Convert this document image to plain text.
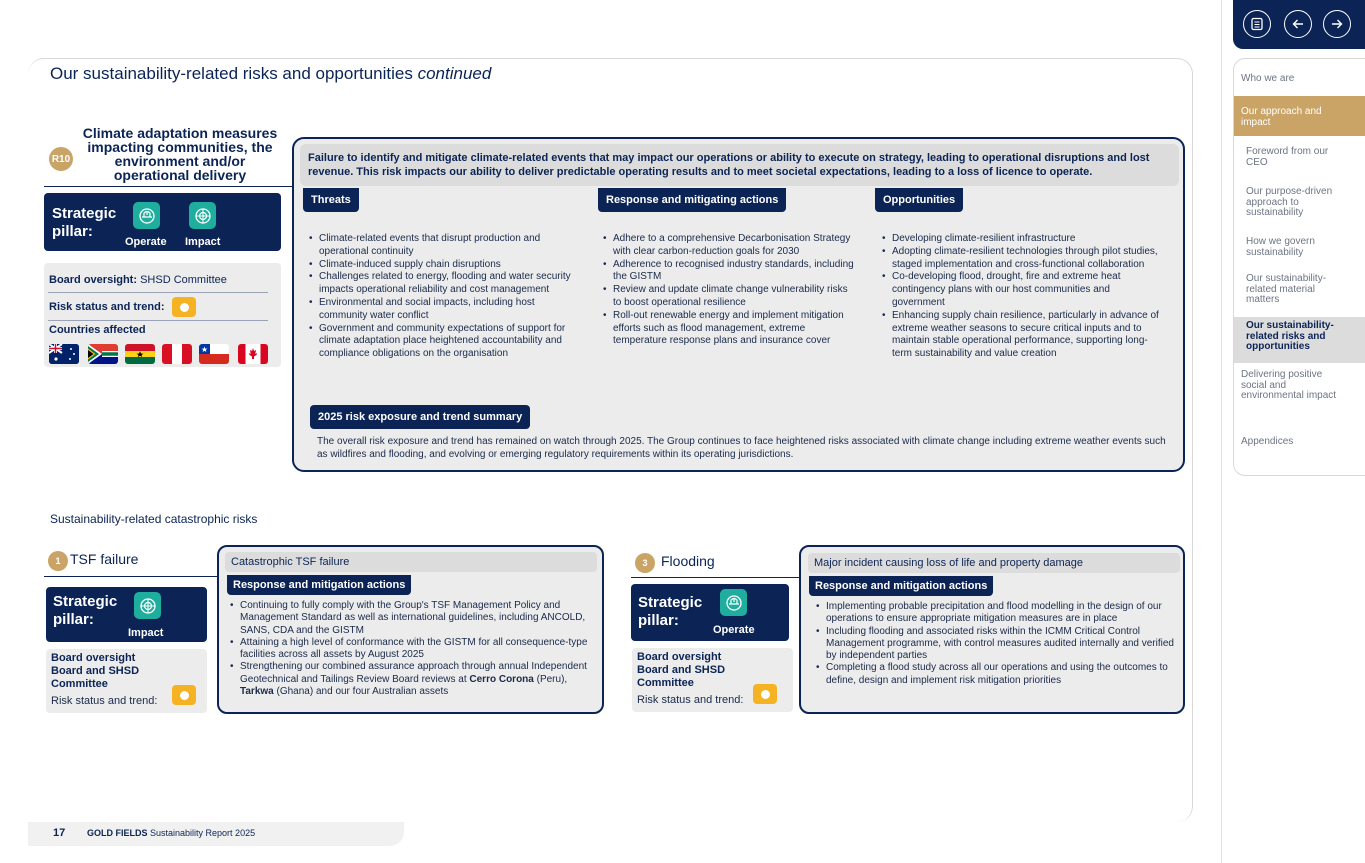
Our sustainability-related risks and opportunities continued
R10
Climate adaptation measures
impacting communities, the
environment and/or
operational delivery
Strategic
pillar:
Operate Impact
Board oversight: SHSD Committee
Risk status and trend:
Countries affected
Failure to identify and mitigate climate-related events that may impact our operations or ability to execute on strategy, leading to operational disruptions and lost revenue. This risk impacts our ability to deliver predictable operating results and to meet societal expectations, leading to a loss of licence to operate.
Threats	Response and mitigating actions	Opportunities
• Climate-related events that disrupt production and operational continuity
• Climate-induced supply chain disruptions
• Challenges related to energy, flooding and water security impacts operational reliability and cost management
• Environmental and social impacts, including host community water conflict
• Government and community expectations of support for climate adaptation place heightened accountability and compliance obligations on the organisation
• Adhere to a comprehensive Decarbonisation Strategy with clear carbon-reduction goals for 2030
• Adherence to recognised industry standards, including the GISTM
• Review and update climate change vulnerability risks to boost operational resilience
• Roll-out renewable energy and implement mitigation efforts such as flood management, extreme temperature response plans and insurance cover
• Developing climate-resilient infrastructure
• Adopting climate-resilient technologies through pilot studies, staged implementation and cross-functional collaboration
• Co-developing flood, drought, fire and extreme heat contingency plans with our host communities and government
• Enhancing supply chain resilience, particularly in advance of extreme weather seasons to secure critical inputs and to maintain stable operational performance, supporting long-term sustainability and value creation
2025 risk exposure and trend summary
The overall risk exposure and trend has remained on watch through 2025. The Group continues to face heightened risks associated with climate change including extreme weather events such as wildfires and flooding, and evolving or emerging regulatory requirements within its operating jurisdictions.
Sustainability-related catastrophic risks
1 TSF failure
Strategic
pillar:
Impact
Board oversight
Board and SHSD
Committee
Risk status and trend:
Catastrophic TSF failure
Response and mitigation actions
• Continuing to fully comply with the Group's TSF Management Policy and Management Standard as well as international guidelines, including ANCOLD, SANS, CDA and the GISTM
• Attaining a high level of conformance with the GISTM for all consequence-type facilities across all assets by August 2025
• Strengthening our combined assurance approach through annual Independent Geotechnical and Tailings Review Board reviews at Cerro Corona (Peru), Tarkwa (Ghana) and our four Australian assets
3 Flooding
Strategic
pillar:
Operate
Board oversight
Board and SHSD
Committee
Risk status and trend:
Major incident causing loss of life and property damage
Response and mitigation actions
• Implementing probable precipitation and flood modelling in the design of our operations to ensure appropriate mitigation measures are in place
• Including flooding and associated risks within the ICMM Critical Control Management programme, with control measures audited internally and verified by independent parties
• Completing a flood study across all our operations and using the outcomes to define, design and implement risk mitigation priorities
17 GOLD FIELDS Sustainability Report 2025
Who we are
Our approach and impact
Foreword from our CEO
Our purpose-driven approach to sustainability
How we govern sustainability
Our sustainability-related material matters
Our sustainability-related risks and opportunities
Delivering positive social and environmental impact
Appendices
